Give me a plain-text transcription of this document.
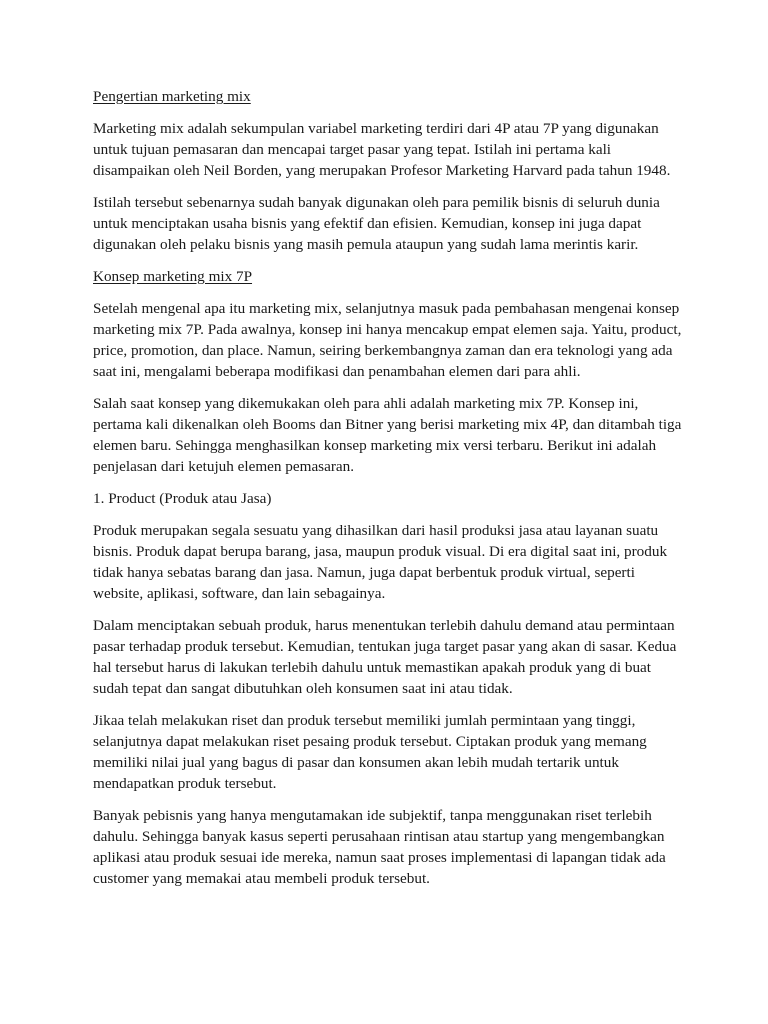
Pengertian marketing mix

Marketing mix adalah sekumpulan variabel marketing terdiri dari 4P atau 7P yang digunakan untuk tujuan pemasaran dan mencapai target pasar yang tepat. Istilah ini pertama kali disampaikan oleh Neil Borden, yang merupakan Profesor Marketing Harvard pada tahun 1948.

Istilah tersebut sebenarnya sudah banyak digunakan oleh para pemilik bisnis di seluruh dunia untuk menciptakan usaha bisnis yang efektif dan efisien. Kemudian, konsep ini juga dapat digunakan oleh pelaku bisnis yang masih pemula ataupun yang sudah lama merintis karir.

Konsep marketing mix 7P

Setelah mengenal apa itu marketing mix, selanjutnya masuk pada pembahasan mengenai konsep marketing mix 7P. Pada awalnya, konsep ini hanya mencakup empat elemen saja. Yaitu, product, price, promotion, dan place. Namun, seiring berkembangnya zaman dan era teknologi yang ada saat ini, mengalami beberapa modifikasi dan penambahan elemen dari para ahli.

Salah saat konsep yang dikemukakan oleh para ahli adalah marketing mix 7P. Konsep ini, pertama kali dikenalkan oleh Booms dan Bitner yang berisi marketing mix 4P, dan ditambah tiga elemen baru. Sehingga menghasilkan konsep marketing mix versi terbaru. Berikut ini adalah penjelasan dari ketujuh elemen pemasaran.

1. Product (Produk atau Jasa)

Produk merupakan segala sesuatu yang dihasilkan dari hasil produksi jasa atau layanan suatu bisnis. Produk dapat berupa barang, jasa, maupun produk visual. Di era digital saat ini, produk tidak hanya sebatas barang dan jasa. Namun, juga dapat berbentuk produk virtual, seperti website, aplikasi, software, dan lain sebagainya.

Dalam menciptakan sebuah produk, harus menentukan terlebih dahulu demand atau permintaan pasar terhadap produk tersebut. Kemudian, tentukan juga target pasar yang akan di sasar. Kedua hal tersebut harus di lakukan terlebih dahulu untuk memastikan apakah produk yang di buat sudah tepat dan sangat dibutuhkan oleh konsumen saat ini atau tidak.

Jikaa telah melakukan riset dan produk tersebut memiliki jumlah permintaan yang tinggi, selanjutnya dapat melakukan riset pesaing produk tersebut. Ciptakan produk yang memang memiliki nilai jual yang bagus di pasar dan konsumen akan lebih mudah tertarik untuk mendapatkan produk tersebut.

Banyak pebisnis yang hanya mengutamakan ide subjektif, tanpa menggunakan riset terlebih dahulu. Sehingga banyak kasus seperti perusahaan rintisan atau startup yang mengembangkan aplikasi atau produk sesuai ide mereka, namun saat proses implementasi di lapangan tidak ada customer yang memakai atau membeli produk tersebut.
